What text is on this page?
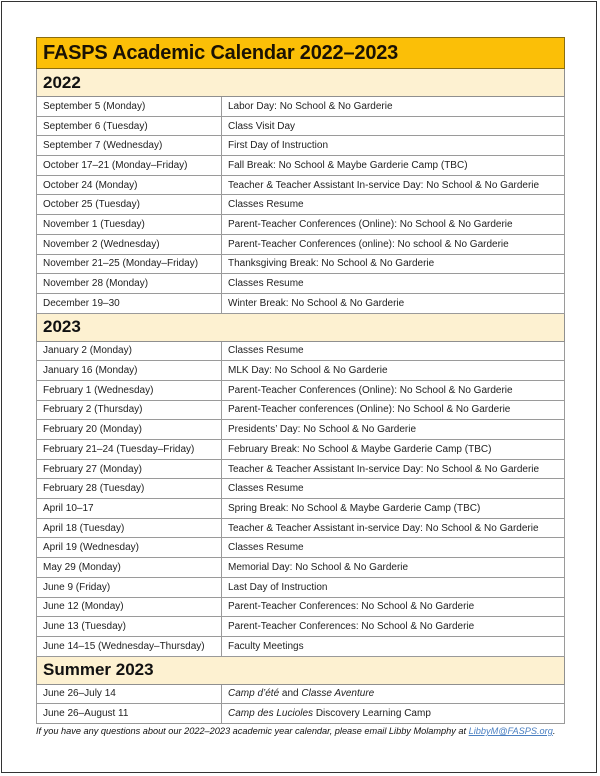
FASPS Academic Calendar 2022–2023	
2022	
September 5 (Monday)	Labor Day: No School & No Garderie
September 6 (Tuesday)	Class Visit Day
September 7 (Wednesday)	First Day of Instruction
October 17–21 (Monday–Friday)	Fall Break: No School & Maybe Garderie Camp (TBC)
October 24 (Monday)	Teacher & Teacher Assistant In-service Day: No School & No Garderie
October 25 (Tuesday)	Classes Resume
November 1 (Tuesday)	Parent-Teacher Conferences (Online): No School & No Garderie
November 2 (Wednesday)	Parent-Teacher Conferences (online): No school & No Garderie
November 21–25 (Monday–Friday)	Thanksgiving Break: No School & No Garderie
November 28 (Monday)	Classes Resume
December 19–30	Winter Break: No School & No Garderie
2023	
January 2 (Monday)	Classes Resume
January 16 (Monday)	MLK Day: No School & No Garderie
February 1 (Wednesday)	Parent-Teacher Conferences (Online): No School & No Garderie
February 2 (Thursday)	Parent-Teacher conferences (Online): No School & No Garderie
February 20 (Monday)	Presidents’ Day: No School & No Garderie
February 21–24 (Tuesday–Friday)	February Break: No School & Maybe Garderie Camp (TBC)
February 27 (Monday)	Teacher & Teacher Assistant In-service Day: No School & No Garderie
February 28 (Tuesday)	Classes Resume
April 10–17	Spring Break: No School & Maybe Garderie Camp (TBC)
April 18 (Tuesday)	Teacher & Teacher Assistant in-service Day: No School & No Garderie
April 19 (Wednesday)	Classes Resume
May 29 (Monday)	Memorial Day: No School & No Garderie
June 9 (Friday)	Last Day of Instruction
June 12 (Monday)	Parent-Teacher Conferences: No School & No Garderie
June 13 (Tuesday)	Parent-Teacher Conferences: No School & No Garderie
June 14–15 (Wednesday–Thursday)	Faculty Meetings
Summer 2023	
June 26–July 14	Camp d’été and Classe Aventure
June 26–August 11	Camp des Lucioles Discovery Learning Camp
If you have any questions about our 2022–2023 academic year calendar, please email Libby Molamphy at LibbyM@FASPS.org.
